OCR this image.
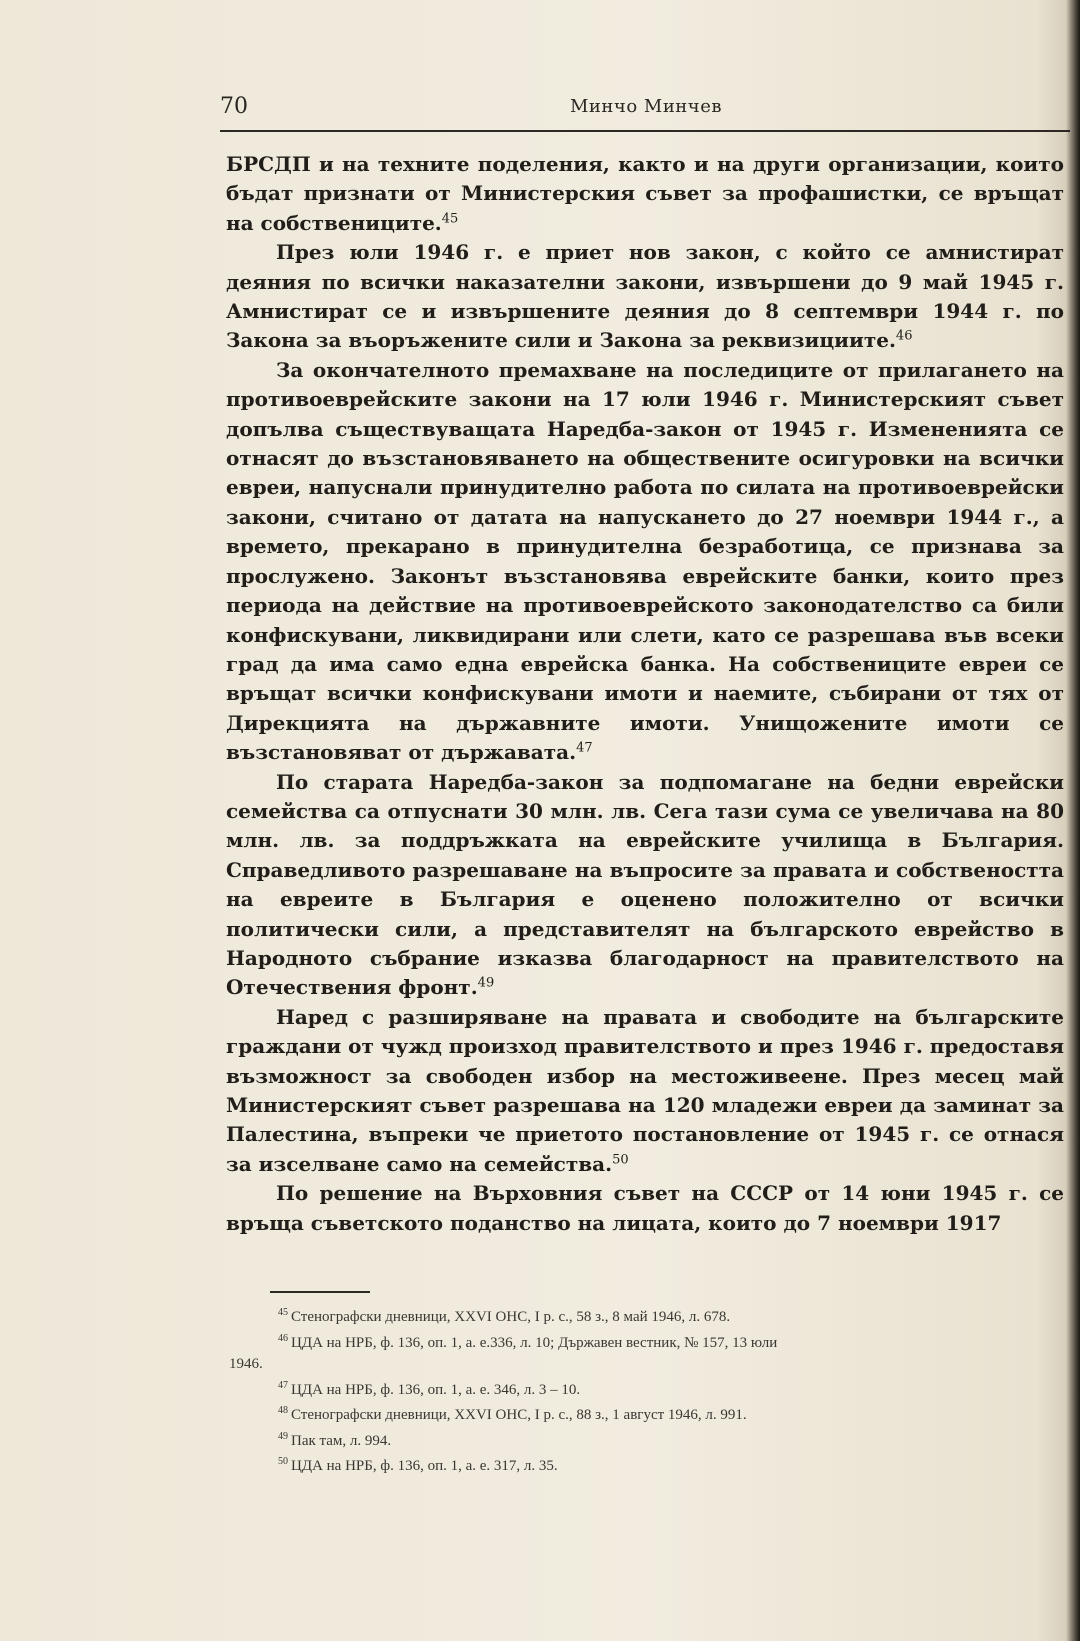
70	Минчо Минчев

БРСДП и на техните поделения, както и на други организации, които бъдат признати от Министерския съвет за профашистки, се връщат на собствениците.$^{45}$

През юли 1946 г. е приет нов закон, с който се амнистират деяния по всички наказателни закони, извършени до 9 май 1945 г. Амнистират се и извършените деяния до 8 септември 1944 г. по Закона за въоръжените сили и Закона за реквизициите.$^{46}$

За окончателното премахване на последиците от прилагането на противоеврейските закони на 17 юли 1946 г. Министерският съвет допълва съществуващата Наредба-закон от 1945 г. Измененията се отнасят до възстановяването на обществените осигуровки на всички евреи, напуснали принудително работа по силата на противоеврейски закони, считано от датата на напускането до 27 ноември 1944 г., а времето, прекарано в принудителна безработица, се признава за прослужено. Законът възстановява еврейските банки, които през периода на действие на противоеврейското законодателство са били конфискувани, ликвидирани или слети, като се разрешава във всеки град да има само една еврейска банка. На собствениците евреи се връщат всички конфискувани имоти и наемите, събирани от тях от Дирекцията на държавните имоти. Унищожените имоти се възстановяват от държавата.$^{47}$

По старата Наредба-закон за подпомагане на бедни еврейски семейства са отпуснати 30 млн. лв. Сега тази сума се увеличава на 80 млн. лв. за поддръжката на еврейските училища в България. Справедливото разрешаване на въпросите за правата и собствеността на евреите в България е оценено положително от всички политически сили, а представителят на българското еврейство в Народното събрание изказва благодарност на правителството на Отечествения фронт.$^{49}$

Наред с разширяване на правата и свободите на българските граждани от чужд произход правителството и през 1946 г. предоставя възможност за свободен избор на местоживеене. През месец май Министерският съвет разрешава на 120 младежи евреи да заминат за Палестина, въпреки че приетото постановление от 1945 г. се отнася за изселване само на семейства.$^{50}$

По решение на Върховния съвет на СССР от 14 юни 1945 г. се връща съветското поданство на лицата, които до 7 ноември 1917

$^{45}$ Стенографски дневници, XXVI ОНС, I р. с., 58 з., 8 май 1946, л. 678.

$^{46}$ ЦДА на НРБ, ф. 136, оп. 1, а. е.336, л. 10; Държавен вестник, № 157, 13 юли

1946.

$^{47}$ ЦДА на НРБ, ф. 136, оп. 1, а. е. 346, л. 3 – 10.

$^{48}$ Стенографски дневници, XXVI ОНС, I р. с., 88 з., 1 август 1946, л. 991.

$^{49}$ Пак там, л. 994.

$^{50}$ ЦДА на НРБ, ф. 136, оп. 1, а. е. 317, л. 35.
